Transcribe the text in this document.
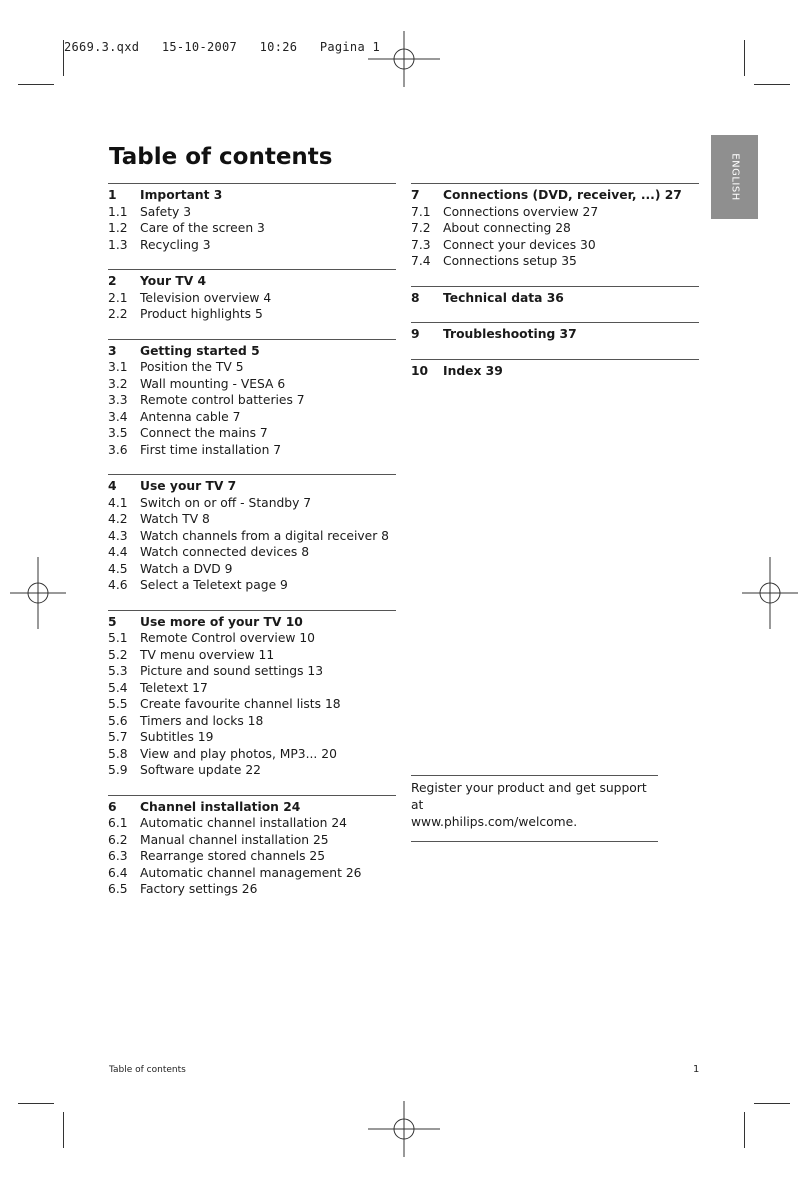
2669.3.qxd   15-10-2007   10:26   Pagina 1
ENGLISH
Table of contents
1	Important 3
1.1	Safety 3
1.2	Care of the screen 3
1.3	Recycling 3
2	Your TV 4
2.1	Television overview 4
2.2	Product highlights 5
3	Getting started 5
3.1	Position the TV 5
3.2	Wall mounting - VESA 6
3.3	Remote control batteries 7
3.4	Antenna cable 7
3.5	Connect the mains 7
3.6	First time installation 7
4	Use your TV 7
4.1	Switch on or off - Standby 7
4.2	Watch TV 8
4.3	Watch channels from a digital receiver 8
4.4	Watch connected devices 8
4.5	Watch a DVD 9
4.6	Select a Teletext page 9
5	Use more of your TV 10
5.1	Remote Control overview 10
5.2	TV menu overview 11
5.3	Picture and sound settings 13
5.4	Teletext 17
5.5	Create favourite channel lists 18
5.6	Timers and locks 18
5.7	Subtitles 19
5.8	View and play photos, MP3... 20
5.9	Software update 22
6	Channel installation 24
6.1	Automatic channel installation 24
6.2	Manual channel installation 25
6.3	Rearrange stored channels 25
6.4	Automatic channel management 26
6.5	Factory settings 26
7	Connections (DVD, receiver, ...) 27
7.1	Connections overview 27
7.2	About connecting 28
7.3	Connect your devices 30
7.4	Connections setup 35
8	Technical data 36
9	Troubleshooting 37
10	Index 39
Register your product and get support at
www.philips.com/welcome.
Table of contents	1
